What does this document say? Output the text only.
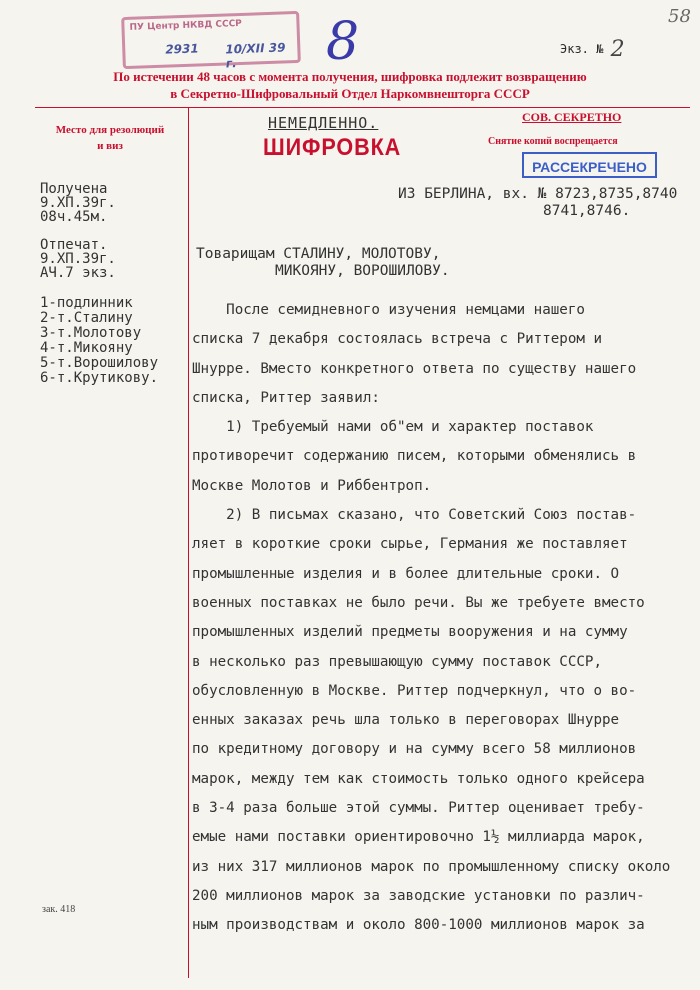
ПУ Центр НКВД СССР
2931 10/XII 39 г.	8	58
Экз. № 2
По истечении 48 часов с момента получения, шифровка подлежит возвращению
в Секретно-Шифровальный Отдел Наркомвнешторга СССР
Место для резолюций
и виз
НЕМЕДЛЕННО.
ШИФРОВКА
СОВ. СЕКРЕТНО
Снятие копий воспрещается
РАССЕКРЕЧЕНО
Получена
9.XП.39г.
08ч.45м.
Отпечат.
9.XП.39г.
АЧ.7 экз.
1-подлинник
2-т.Сталину
3-т.Молотову
4-т.Микояну
5-т.Ворошилову
6-т.Крутикову.
ИЗ БЕРЛИНА, вх. № 8723,8735,8740
8741,8746.
Товарищам СТАЛИНУ, МОЛОТОВУ,
МИКОЯНУ, ВОРОШИЛОВУ.

После семидневного изучения немцами нашего

списка 7 декабря состоялась встреча с Риттером и

Шнурре. Вместо конкретного ответа по существу нашего

списка, Риттер заявил:

1) Требуемый нами об"ем и характер поставок

противоречит содержанию писем, которыми обменялись в

Москве Молотов и Риббентроп.

2) В письмах сказано, что Советский Союз постав-

ляет в короткие сроки сырье, Германия же поставляет

промышленные изделия и в более длительные сроки. О

военных поставках не было речи. Вы же требуете вместо

промышленных изделий предметы вооружения и на сумму

в несколько раз превышающую сумму поставок СССР,

обусловленную в Москве. Риттер подчеркнул, что о во-

енных заказах речь шла только в переговорах Шнурре

по кредитному договору и на сумму всего 58 миллионов

марок, между тем как стоимость только одного крейсера

в 3-4 раза больше этой суммы. Риттер оценивает требу-

емые нами поставки ориентировочно 1½ миллиарда марок,

из них 317 миллионов марок по промышленному списку около

200 миллионов марок за заводские установки по различ-

ным производствам и около 800-1000 миллионов марок за

зак. 418
